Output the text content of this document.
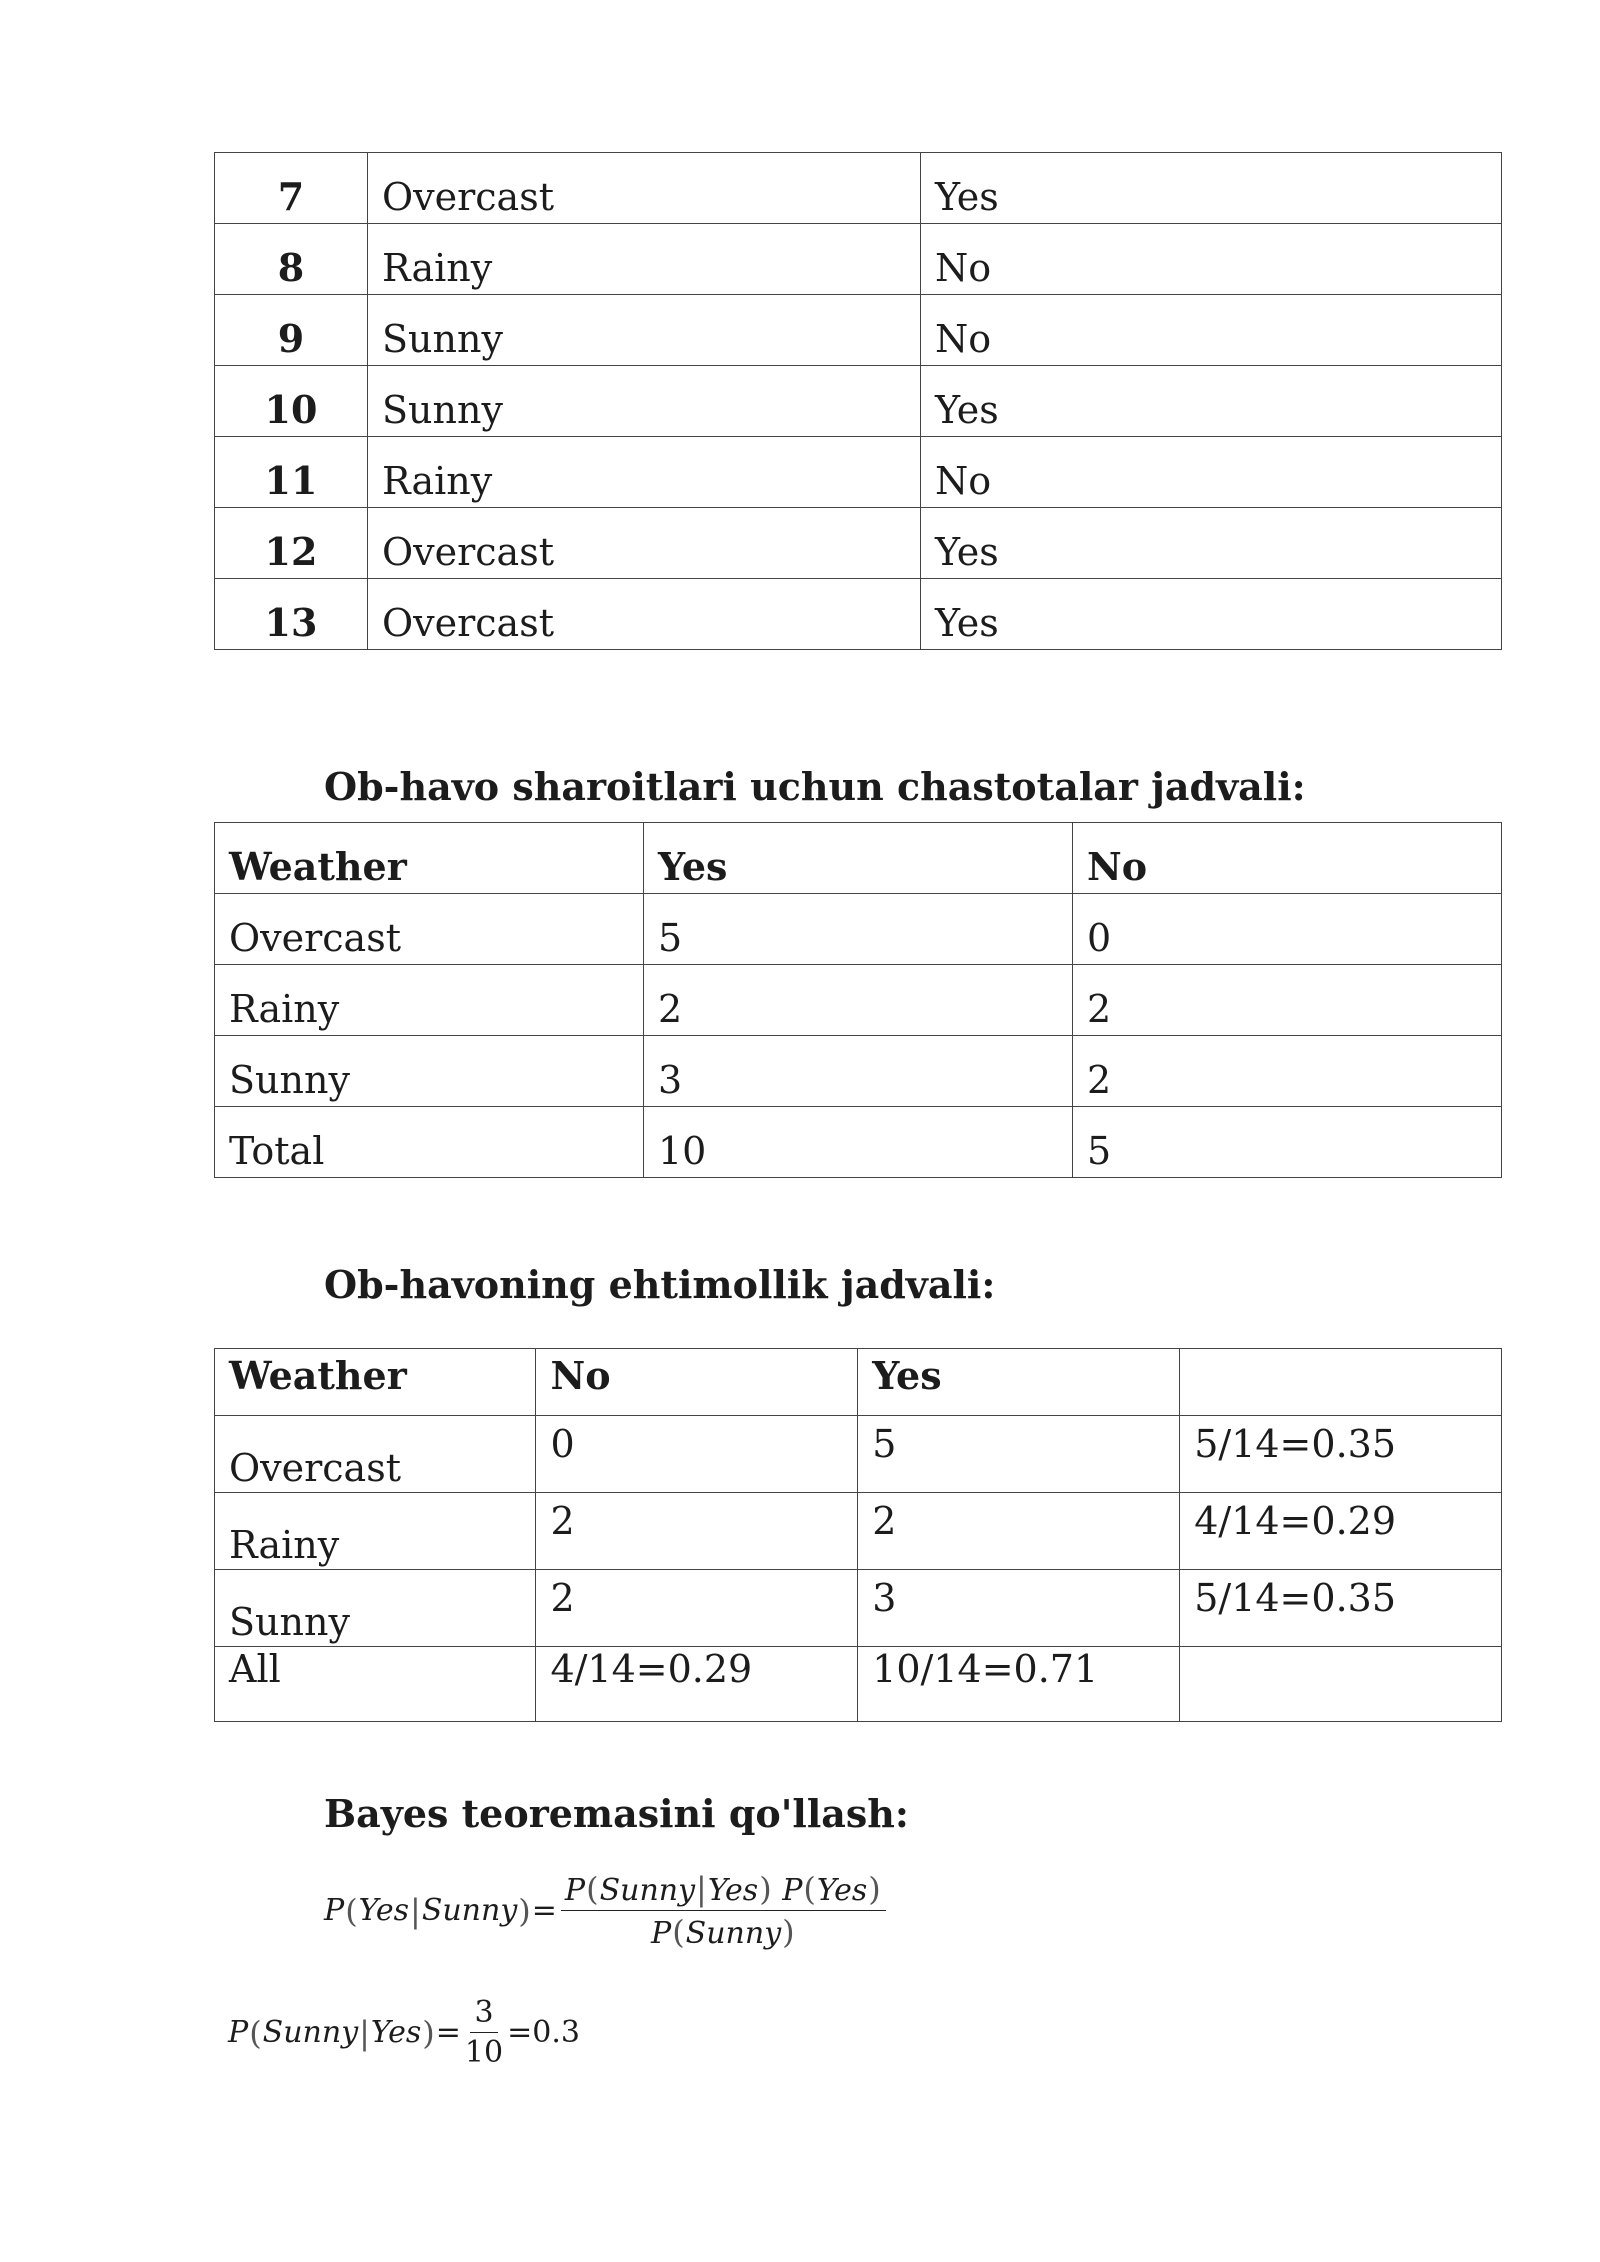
7	Overcast	Yes

8	Rainy	No

9	Sunny	No

10	Sunny	Yes

11	Rainy	No

12	Overcast	Yes

13	Overcast	Yes
Ob-havo sharoitlari uchun chastotalar jadvali:
Weather	Yes	No

Overcast	5	0

Rainy	2	2

Sunny	3	2

Total	10	5
Ob-havoning ehtimollik jadvali:
Weather	No	Yes	
Overcast	0	5	5/14=0.35
Rainy	2	2	4/14=0.29
Sunny	2	3	5/14=0.35
All	4/14=0.29	10/14=0.71	
Bayes teoremasini qo'llash:
P ( Yes | Sunny ) = $\frac{\text{P(Sunny|Yes) P(Yes)}}{\text{P(Sunny)}}$
P ( Sunny | Yes ) = $\frac{3}{10} = 0.3$
